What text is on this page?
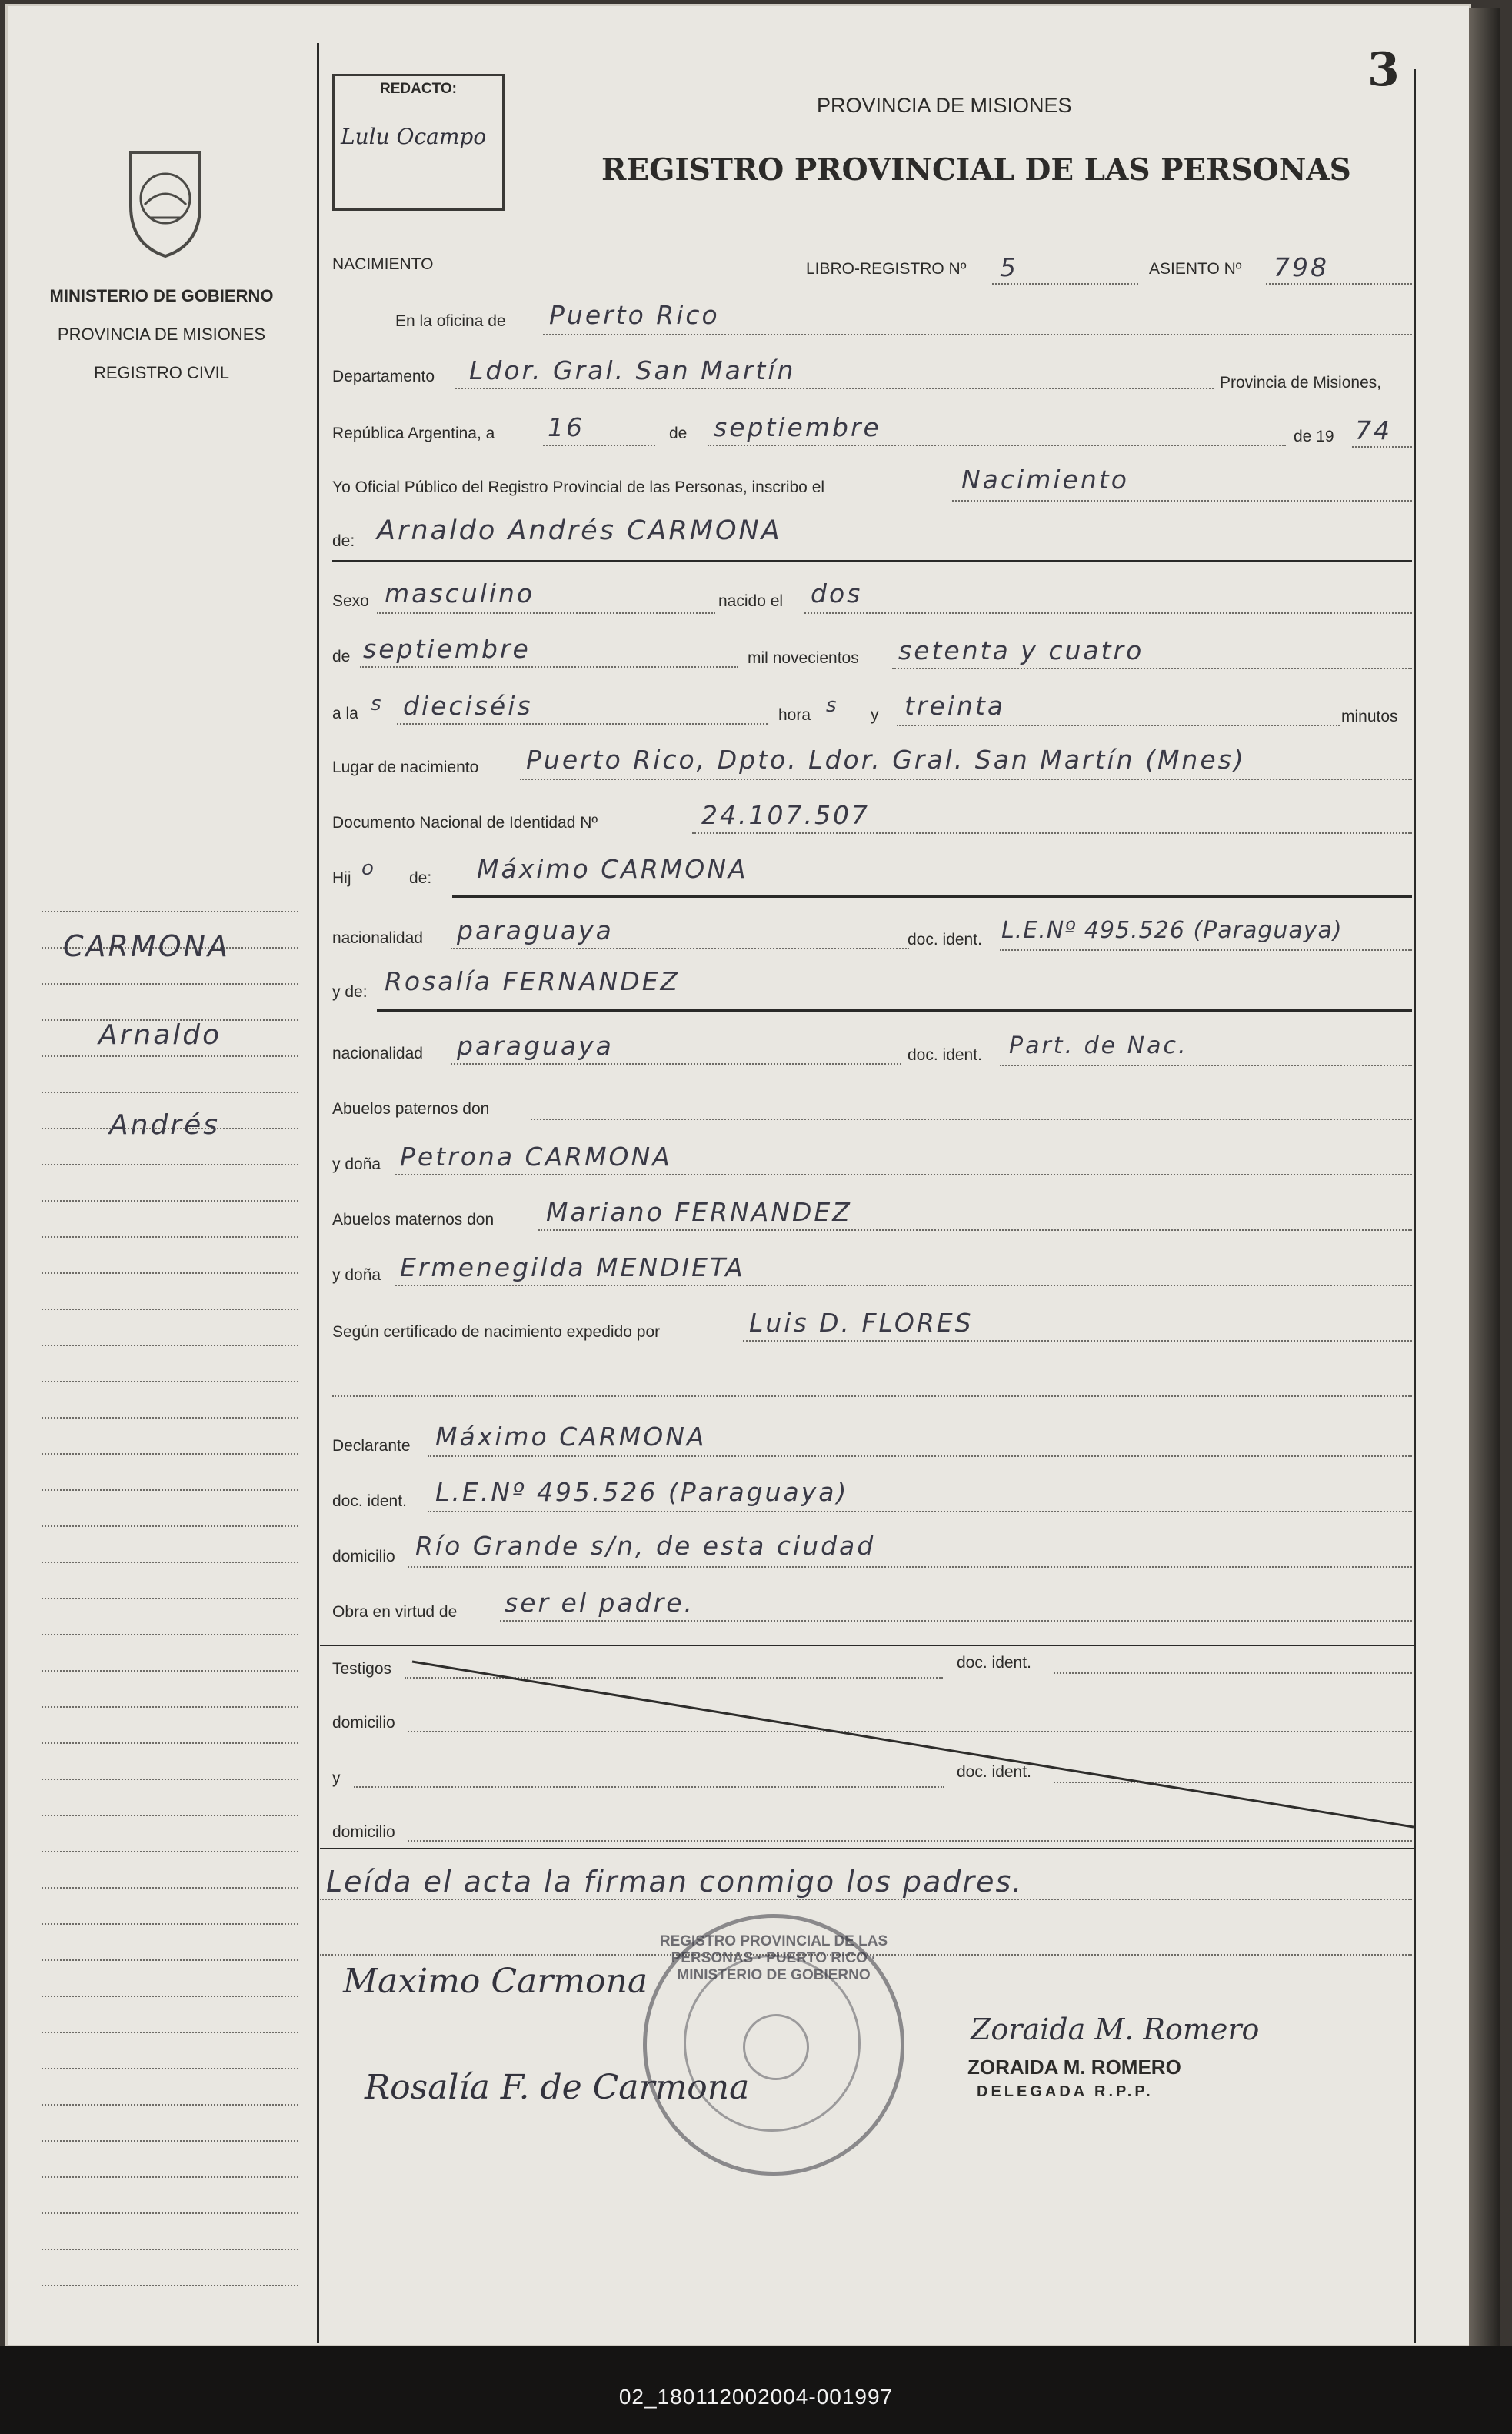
3
MINISTERIO DE GOBIERNO
PROVINCIA DE MISIONES
REGISTRO CIVIL
CARMONA
Arnaldo
Andrés
REDACTO:
Lulu Ocampo
PROVINCIA DE MISIONES
REGISTRO PROVINCIAL DE LAS PERSONAS
NACIMIENTO	LIBRO-REGISTRO Nº 5	ASIENTO Nº 798
En la oficina de Puerto Rico
Departamento Ldor. Gral. San Martín	Provincia de Misiones,
República Argentina, a 16	de septiembre	de 19 74
Yo Oficial Público del Registro Provincial de las Personas, inscribo el	Nacimiento
de: Arnaldo Andrés CARMONA
Sexo masculino	nacido el dos
de septiembre	mil novecientos setenta y cuatro
a la s dieciséis	hora s y treinta	minutos
Lugar de nacimiento Puerto Rico, Dpto. Ldor. Gral. San Martín (Mnes)
Documento Nacional de Identidad Nº	24.107.507
Hij o de: Máximo CARMONA
nacionalidad paraguaya	doc. ident. L.E.Nº 495.526 (Paraguaya)
y de: Rosalía FERNANDEZ
nacionalidad paraguaya	doc. ident. Part. de Nac.
Abuelos paternos don
y doña Petrona CARMONA
Abuelos maternos don Mariano FERNANDEZ
y doña Ermenegilda MENDIETA
Según certificado de nacimiento expedido por	Luis D. FLORES
Declarante Máximo CARMONA
doc. ident. L.E.Nº 495.526 (Paraguaya)
domicilio Río Grande s/n, de esta ciudad
Obra en virtud de ser el padre.
Testigos	doc. ident.
domicilio
y	doc. ident.
domicilio
Leída el acta la firman conmigo los padres.
REGISTRO PROVINCIAL DE LAS PERSONAS · PUERTO RICO · MINISTERIO DE GOBIERNO
Maximo Carmona
Rosalía F. de Carmona
Zoraida M. Romero
ZORAIDA M. ROMERO
DELEGADA R.P.P.
02_180112002004-001997
